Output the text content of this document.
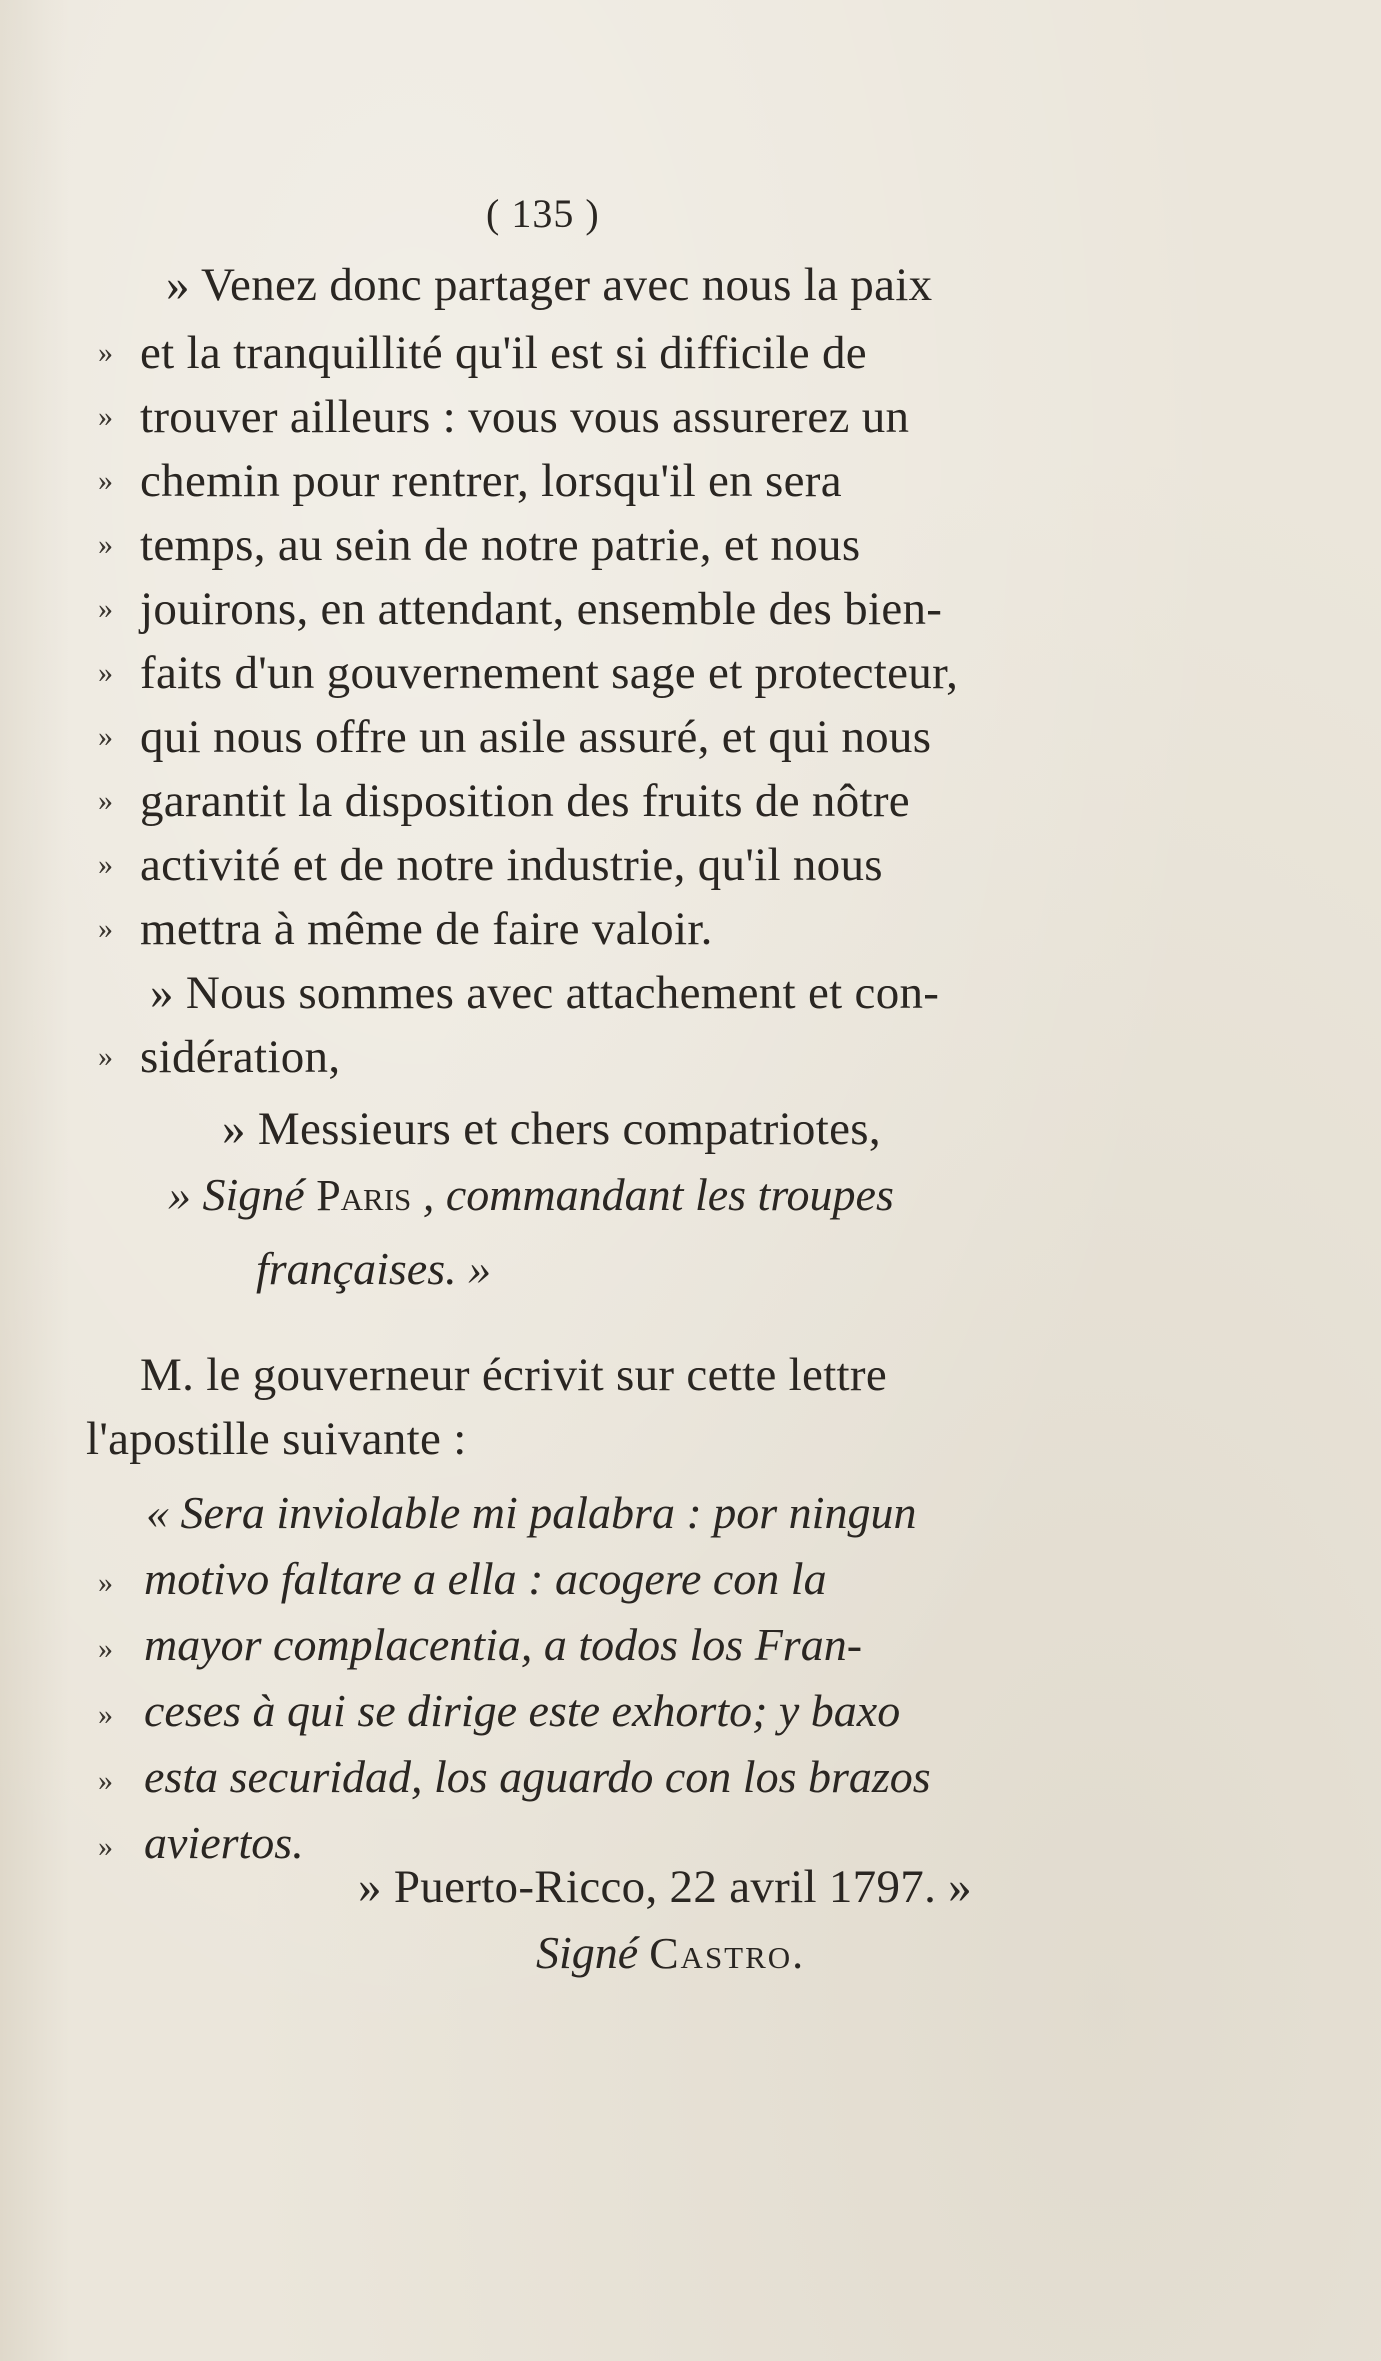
( 135 )
» Venez donc partager avec nous la paix
» et la tranquillité qu'il est si difficile de
» trouver ailleurs : vous vous assurerez un
» chemin pour rentrer, lorsqu'il en sera
» temps, au sein de notre patrie, et nous
» jouirons, en attendant, ensemble des bien-
» faits d'un gouvernement sage et protecteur,
» qui nous offre un asile assuré, et qui nous
» garantit la disposition des fruits de nôtre
» activité et de notre industrie, qu'il nous
» mettra à même de faire valoir.
» Nous sommes avec attachement et con-
» sidération,
» Messieurs et chers compatriotes,
» Signé Paris , commandant les troupes
françaises. »
M. le gouverneur écrivit sur cette lettre
l'apostille suivante :
« Sera inviolable mi palabra : por ningun
» motivo faltare a ella : acogere con la
» mayor complacentia, a todos los Fran-
» ceses à qui se dirige este exhorto; y baxo
» esta securidad, los aguardo con los brazos
» aviertos.
» Puerto-Ricco, 22 avril 1797. »
Signé Castro.
